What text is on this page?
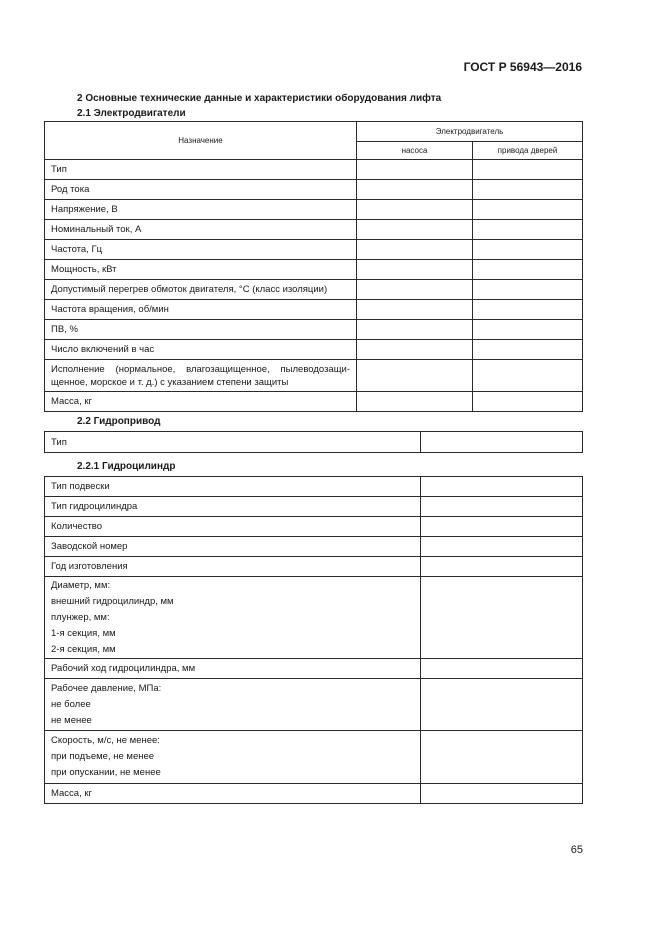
ГОСТ Р 56943—2016
2 Основные технические данные и характеристики оборудования лифта
2.1 Электродвигатели
Назначение	Электродвигатель	
	насоса	привода дверей
Тип		
Род тока		
Напряжение, В		
Номинальный ток, А		
Частота, Гц		
Мощность, кВт		
Допустимый перегрев обмоток двигателя, °С (класс изоляции)		
Частота вращения, об/мин		
ПВ, %		
Число включений в час		

Исполнение (нормальное, влагозащищенное, пылеводозащи-
щенное, морское и т. д.) с указанием степени защиты		

Масса, кг		
2.2 Гидропривод
Тип	
2.2.1 Гидроцилиндр
Тип подвески	
Тип гидроцилиндра	
Количество	
Заводской номер	
Год изготовления	

Диаметр, мм:
внешний гидроцилиндр, мм
плунжер, мм:
1-я секция, мм
2-я секция, мм	

Рабочий ход гидроцилиндра, мм	

Рабочее давление, МПа:
не более
не менее	

Скорость, м/с, не менее:
при подъеме, не менее
при опускании, не менее	

Масса, кг	
65
